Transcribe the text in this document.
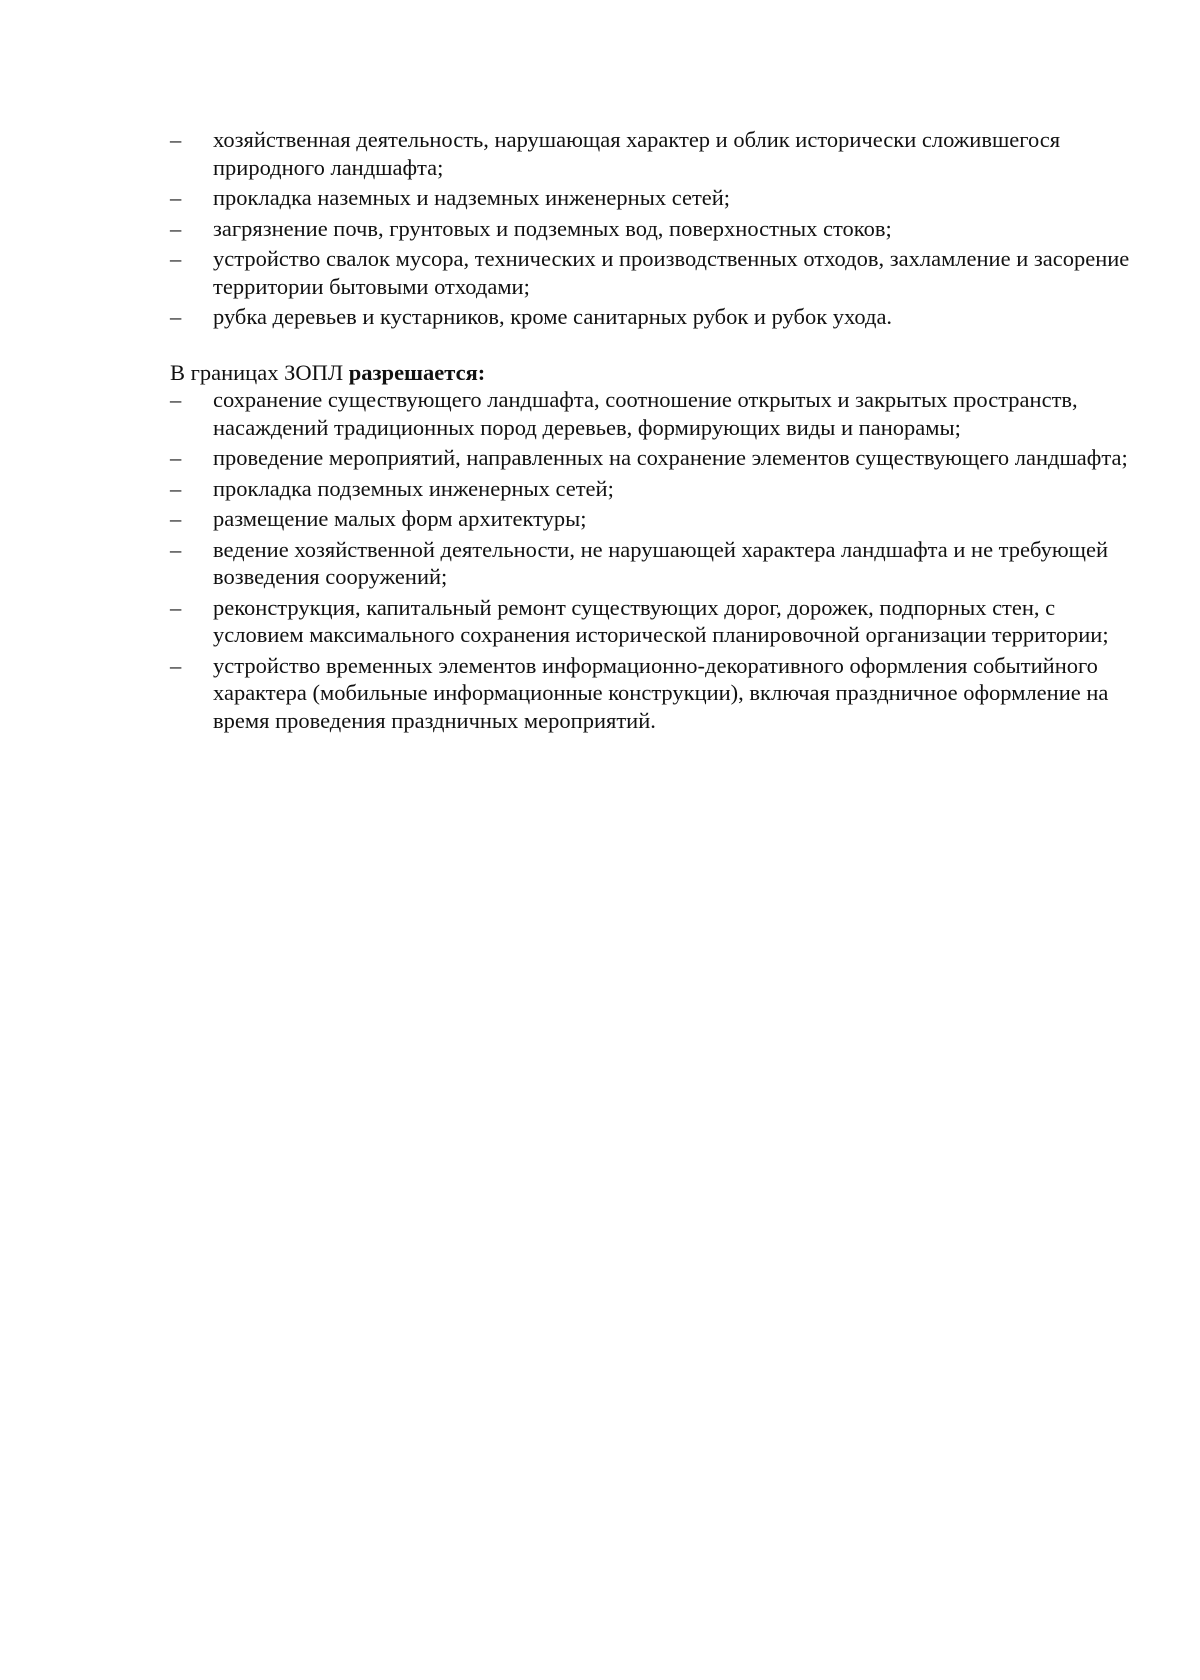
– хозяйственная деятельность, нарушающая характер и облик исторически сложившегося природного ландшафта;
– прокладка наземных и надземных инженерных сетей;
– загрязнение почв, грунтовых и подземных вод, поверхностных стоков;
– устройство свалок мусора, технических и производственных отходов, захламление и засорение территории бытовыми отходами;
– рубка деревьев и кустарников, кроме санитарных рубок и рубок ухода.

В границах ЗОПЛ разрешается:

– сохранение существующего ландшафта, соотношение открытых и закрытых пространств, насаждений традиционных пород деревьев, формирующих виды и панорамы;
– проведение мероприятий, направленных на сохранение элементов существующего ландшафта;
– прокладка подземных инженерных сетей;
– размещение малых форм архитектуры;
– ведение хозяйственной деятельности, не нарушающей характера ландшафта и не требующей возведения сооружений;
– реконструкция, капитальный ремонт существующих дорог, дорожек, подпорных стен, с условием максимального сохранения исторической планировочной организации территории;
– устройство временных элементов информационно-декоративного оформления событийного характера (мобильные информационные конструкции), включая праздничное оформление на время проведения праздничных мероприятий.
